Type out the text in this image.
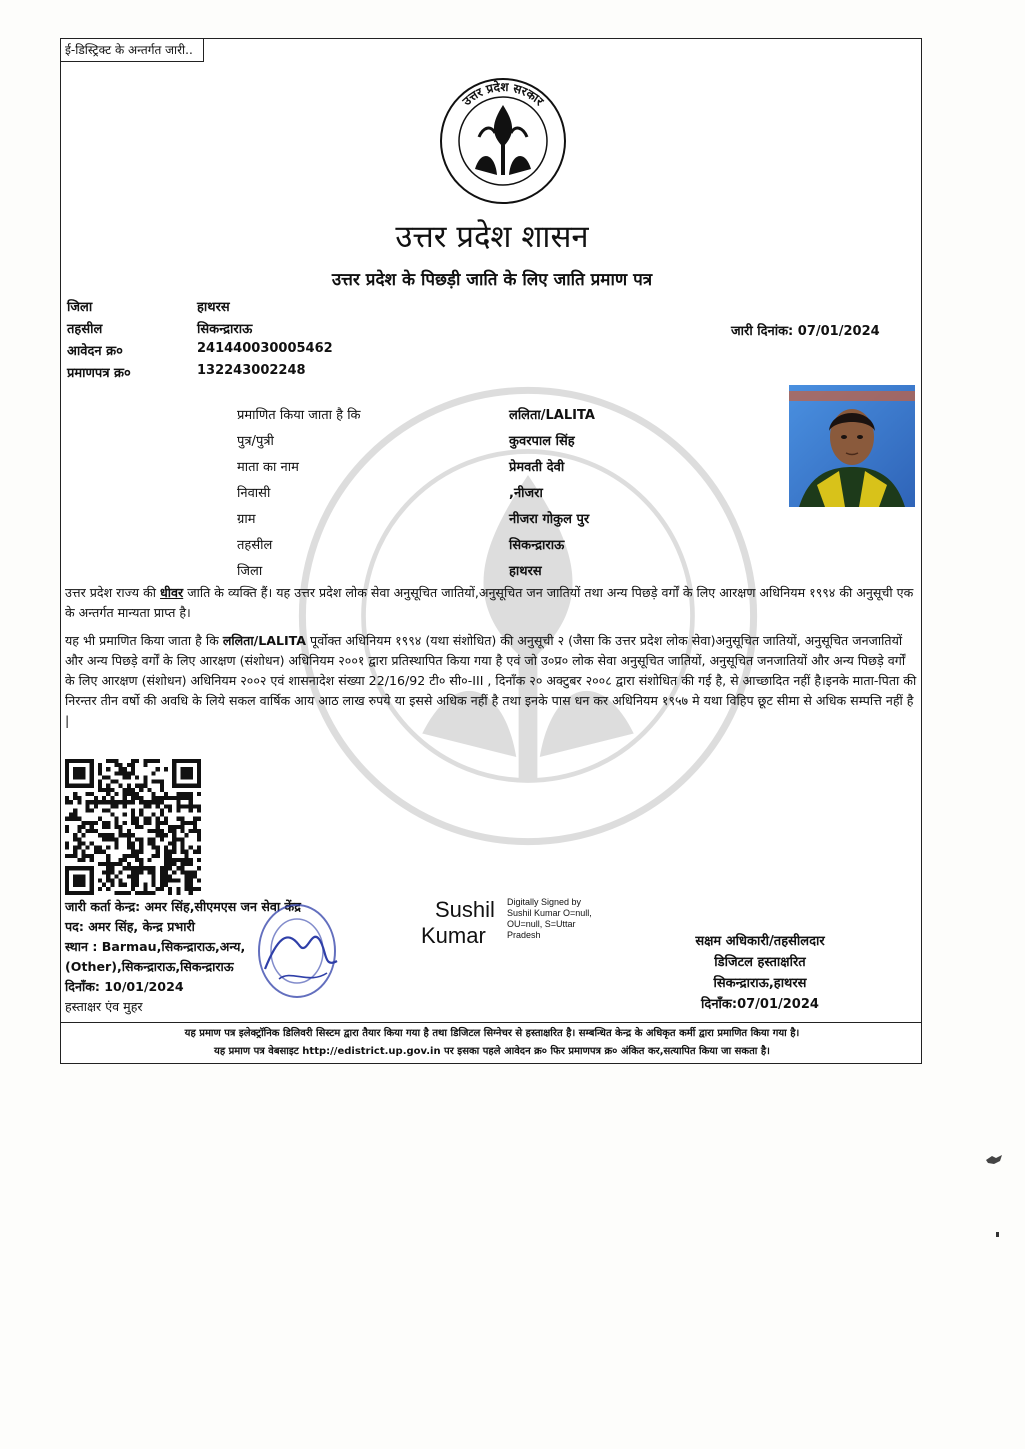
ई-डिस्ट्रिक्ट के अन्तर्गत जारी..
उत्तर प्रदेश सरकार
उत्तर प्रदेश शासन
उत्तर प्रदेश के पिछड़ी जाति के लिए जाति प्रमाण पत्र
जिला	हाथरस
तहसील	सिकन्द्राराऊ
आवेदन क्र०	241440030005462
प्रमाणपत्र क्र०	132243002248
जारी दिनांक: 07/01/2024
प्रमाणित किया जाता है कि	ललिता/LALITA
पुत्र/पुत्री	कुवरपाल सिंह
माता का नाम	प्रेमवती देवी
निवासी	,नीजरा
ग्राम	नीजरा गोकुल पुर
तहसील	सिकन्द्राराऊ
जिला	हाथरस
उत्तर प्रदेश राज्य की धीवर जाति के व्यक्ति हैं। यह उत्तर प्रदेश लोक सेवा अनुसूचित जातियों,अनुसूचित जन जातियों तथा अन्य पिछड़े वर्गों के लिए आरक्षण अधिनियम १९९४ की अनुसूची एक के अन्तर्गत मान्यता प्राप्त है।
यह भी प्रमाणित किया जाता है कि ललिता/LALITA पूर्वोक्त अधिनियम १९९४ (यथा संशोधित) की अनुसूची २ (जैसा कि उत्तर प्रदेश लोक सेवा)अनुसूचित जातियों, अनुसूचित जनजातियों और अन्य पिछड़े वर्गों के लिए आरक्षण (संशोधन) अधिनियम २००१ द्वारा प्रतिस्थापित किया गया है एवं जो उ०प्र० लोक सेवा अनुसूचित जातियों, अनुसूचित जनजातियों और अन्य पिछड़े वर्गों के लिए आरक्षण (संशोधन) अधिनियम २००२ एवं शासनादेश संख्या 22/16/92 टी० सी०-III , दिनाँक २० अक्टुबर २००८ द्वारा संशोधित की गई है, से आच्छादित नहीं है।इनके माता-पिता की निरन्तर तीन वर्षो की अवधि के लिये सकल वार्षिक आय आठ लाख रुपये या इससे अधिक नहीं है तथा इनके पास धन कर अधिनियम १९५७ मे यथा विहिप छूट सीमा से अधिक सम्पत्ति नहीं है |
जारी कर्ता केन्द्र: अमर सिंह,सीएमएस जन सेवा केंद्र
पद: अमर सिंह, केन्द्र प्रभारी
स्थान : Barmau,सिकन्द्राराऊ,अन्य,
(Other),सिकन्द्राराऊ,सिकन्द्राराऊ
दिनाँक: 10/01/2024
हस्ताक्षर एंव मुहर
Sushil
Kumar
Digitally Signed by Sushil Kumar O=null, OU=null, S=Uttar Pradesh	सक्षम अधिकारी/तहसीलदार
डिजिटल हस्ताक्षरित
सिकन्द्राराऊ,हाथरस
दिनाँक:07/01/2024
यह प्रमाण पत्र इलेक्ट्रॉनिक डिलिवरी सिस्टम द्वारा तैयार किया गया है तथा डिजिटल सिग्नेचर से हस्ताक्षरित है। सम्बन्धित केन्द्र के अधिकृत कर्मी द्वारा प्रमाणित किया गया है।
यह प्रमाण पत्र वेबसाइट http://edistrict.up.gov.in पर इसका पहले आवेदन क्र० फिर प्रमाणपत्र क्र० अंकित कर,सत्यापित किया जा सकता है।
